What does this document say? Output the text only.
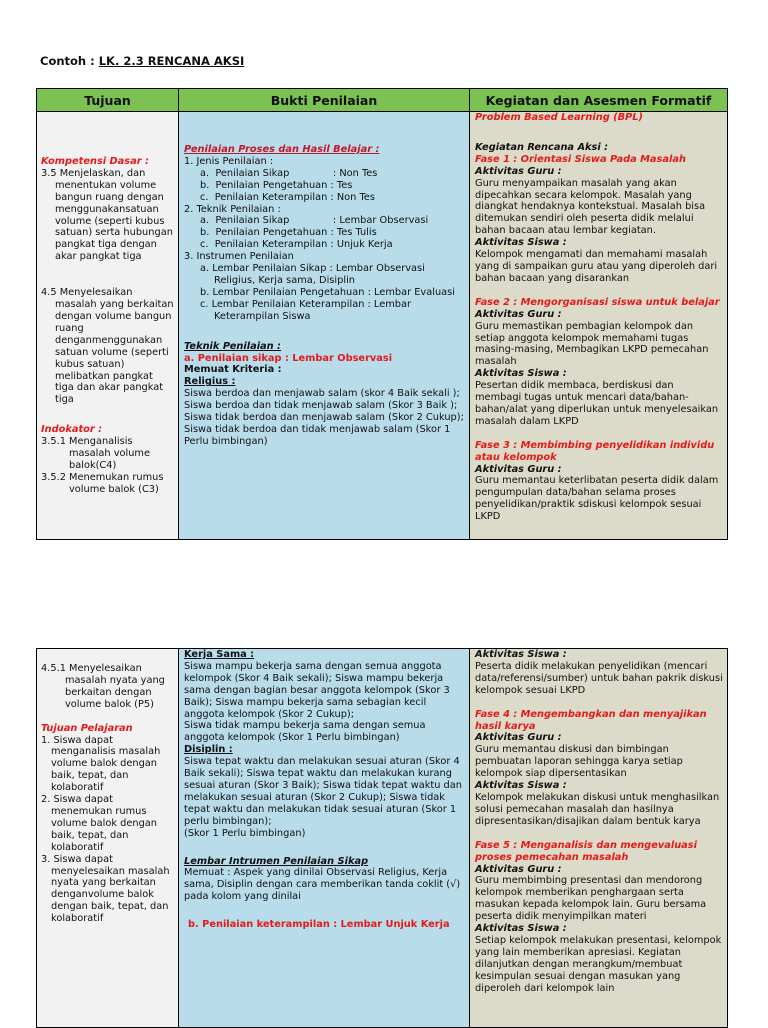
Contoh : LK. 2.3 RENCANA AKSI
Tujuan	Bukti Penilaian	Kegiatan dan Asesmen Formatif
Kompetensi Dasar :
3.5 Menjelaskan, dan menentukan volume bangun ruang dengan menggunakansatuan volume (seperti kubus satuan) serta hubungan pangkat tiga dengan akar pangkat tiga
4.5 Menyelesaikan masalah yang berkaitan dengan volume bangun ruang denganmenggunakan satuan volume (seperti kubus satuan) melibatkan pangkat tiga dan akar pangkat tiga
Indokator :
3.5.1 Menganalisis masalah volume balok(C4)
3.5.2 Menemukan rumus volume balok (C3)
Penilaian Proses dan Hasil Belajar :
1. Jenis Penilaian :
a.  Penilaian Sikap              : Non Tes
b.  Penilaian Pengetahuan : Tes
c.  Penilaian Keterampilan : Non Tes
2. Teknik Penilaian :
a.  Penilaian Sikap              : Lembar Observasi
b.  Penilaian Pengetahuan : Tes Tulis
c.  Penilaian Keterampilan : Unjuk Kerja
3. Instrumen Penilaian
a. Lembar Penilaian Sikap : Lembar Observasi Religius, Kerja sama, Disiplin
b. Lembar Penilaian Pengetahuan : Lembar Evaluasi
c. Lembar Penilaian Keterampilan : Lembar Keterampilan Siswa
Teknik Penilaian :
a. Penilaian sikap : Lembar Observasi
Memuat Kriteria :
Religius :
Siswa berdoa dan menjawab salam (skor 4 Baik sekali ); Siswa berdoa dan tidak menjawab salam (Skor 3 Baik ); Siswa tidak berdoa dan menjawab salam (Skor 2 Cukup); Siswa tidak berdoa dan tidak menjawab salam (Skor 1 Perlu bimbingan)
Problem Based Learning (BPL)
Kegiatan Rencana Aksi :
Fase 1 : Orientasi Siswa Pada Masalah
Aktivitas Guru :
Guru menyampaikan masalah yang akan dipecahkan secara kelompok. Masalah yang diangkat hendaknya kontekstual. Masalah bisa ditemukan sendiri oleh peserta didik melalui bahan bacaan atau lembar kegiatan.
Aktivitas Siswa :
Kelompok mengamati dan memahami masalah yang di sampaikan guru atau yang diperoleh dari bahan bacaan yang disarankan
Fase 2 : Mengorganisasi siswa untuk belajar
Aktivitas Guru :
Guru memastikan pembagian kelompok dan setiap anggota kelompok memahami tugas masing-masing, Membagikan LKPD pemecahan masalah
Aktivitas Siswa :
Pesertan didik membaca, berdiskusi dan membagi tugas untuk mencari data/bahan-bahan/alat yang diperlukan untuk menyelesaikan masalah dalam LKPD
Fase 3 : Membimbing penyelidikan individu atau kelompok
Aktivitas Guru :
Guru memantau keterlibatan peserta didik dalam pengumpulan data/bahan selama proses penyelidikan/praktik sdiskusi kelompok sesuai LKPD
4.5.1 Menyelesaikan masalah nyata yang berkaitan dengan volume balok (P5)
Tujuan Pelajaran
1. Siswa dapat menganalisis masalah volume balok dengan baik, tepat, dan kolaboratif
2. Siswa dapat menemukan rumus volume balok dengan baik, tepat, dan kolaboratif
3. Siswa dapat menyelesaikan masalah nyata yang berkaitan denganvolume balok dengan baik, tepat, dan kolaboratif
Kerja Sama :
Siswa mampu bekerja sama dengan semua anggota kelompok (Skor 4 Baik sekali); Siswa mampu bekerja sama dengan bagian besar anggota kelompok (Skor 3 Baik); Siswa mampu bekerja sama sebagian kecil anggota kelompok (Skor 2 Cukup);
Siswa tidak mampu bekerja sama dengan semua anggota kelompok (Skor 1 Perlu bimbingan)
Disiplin :
Siswa tepat waktu dan melakukan sesuai aturan (Skor 4 Baik sekali); Siswa tepat waktu dan melakukan kurang sesuai aturan (Skor 3 Baik); Siswa tidak tepat waktu dan melakukan sesuai aturan (Skor 2 Cukup); Siswa tidak tepat waktu dan melakukan tidak sesuai aturan (Skor 1 perlu bimbingan);
(Skor 1 Perlu bimbingan)
Lembar Intrumen Penilaian Sikap
Memuat : Aspek yang dinilai Observasi Religius, Kerja sama, Disiplin dengan cara memberikan tanda coklit (√) pada kolom yang dinilai
b. Penilaian keterampilan : Lembar Unjuk Kerja
Aktivitas Siswa :
Peserta didik melakukan penyelidikan (mencari data/referensi/sumber) untuk bahan pakrik diskusi kelompok sesuai LKPD
Fase 4 : Mengembangkan dan menyajikan hasil karya
Aktivitas Guru :
Guru memantau diskusi dan bimbingan pembuatan laporan sehingga karya setiap kelompok siap dipersentasikan
Aktivitas Siswa :
Kelompok melakukan diskusi untuk menghasilkan solusi pemecahan masalah dan hasilnya dipresentasikan/disajikan dalam bentuk karya
Fase 5 : Menganalisis dan mengevaluasi proses pemecahan masalah
Aktivitas Guru :
Guru membimbing presentasi dan mendorong kelompok memberikan penghargaan serta masukan kepada kelompok lain. Guru bersama peserta didik menyimpilkan materi
Aktivitas Siswa :
Setiap kelompok melakukan presentasi, kelompok yang lain memberikan apresiasi. Kegiatan dilanjutkan dengan merangkum/membuat kesimpulan sesuai dengan masukan yang diperoleh dari kelompok lain
